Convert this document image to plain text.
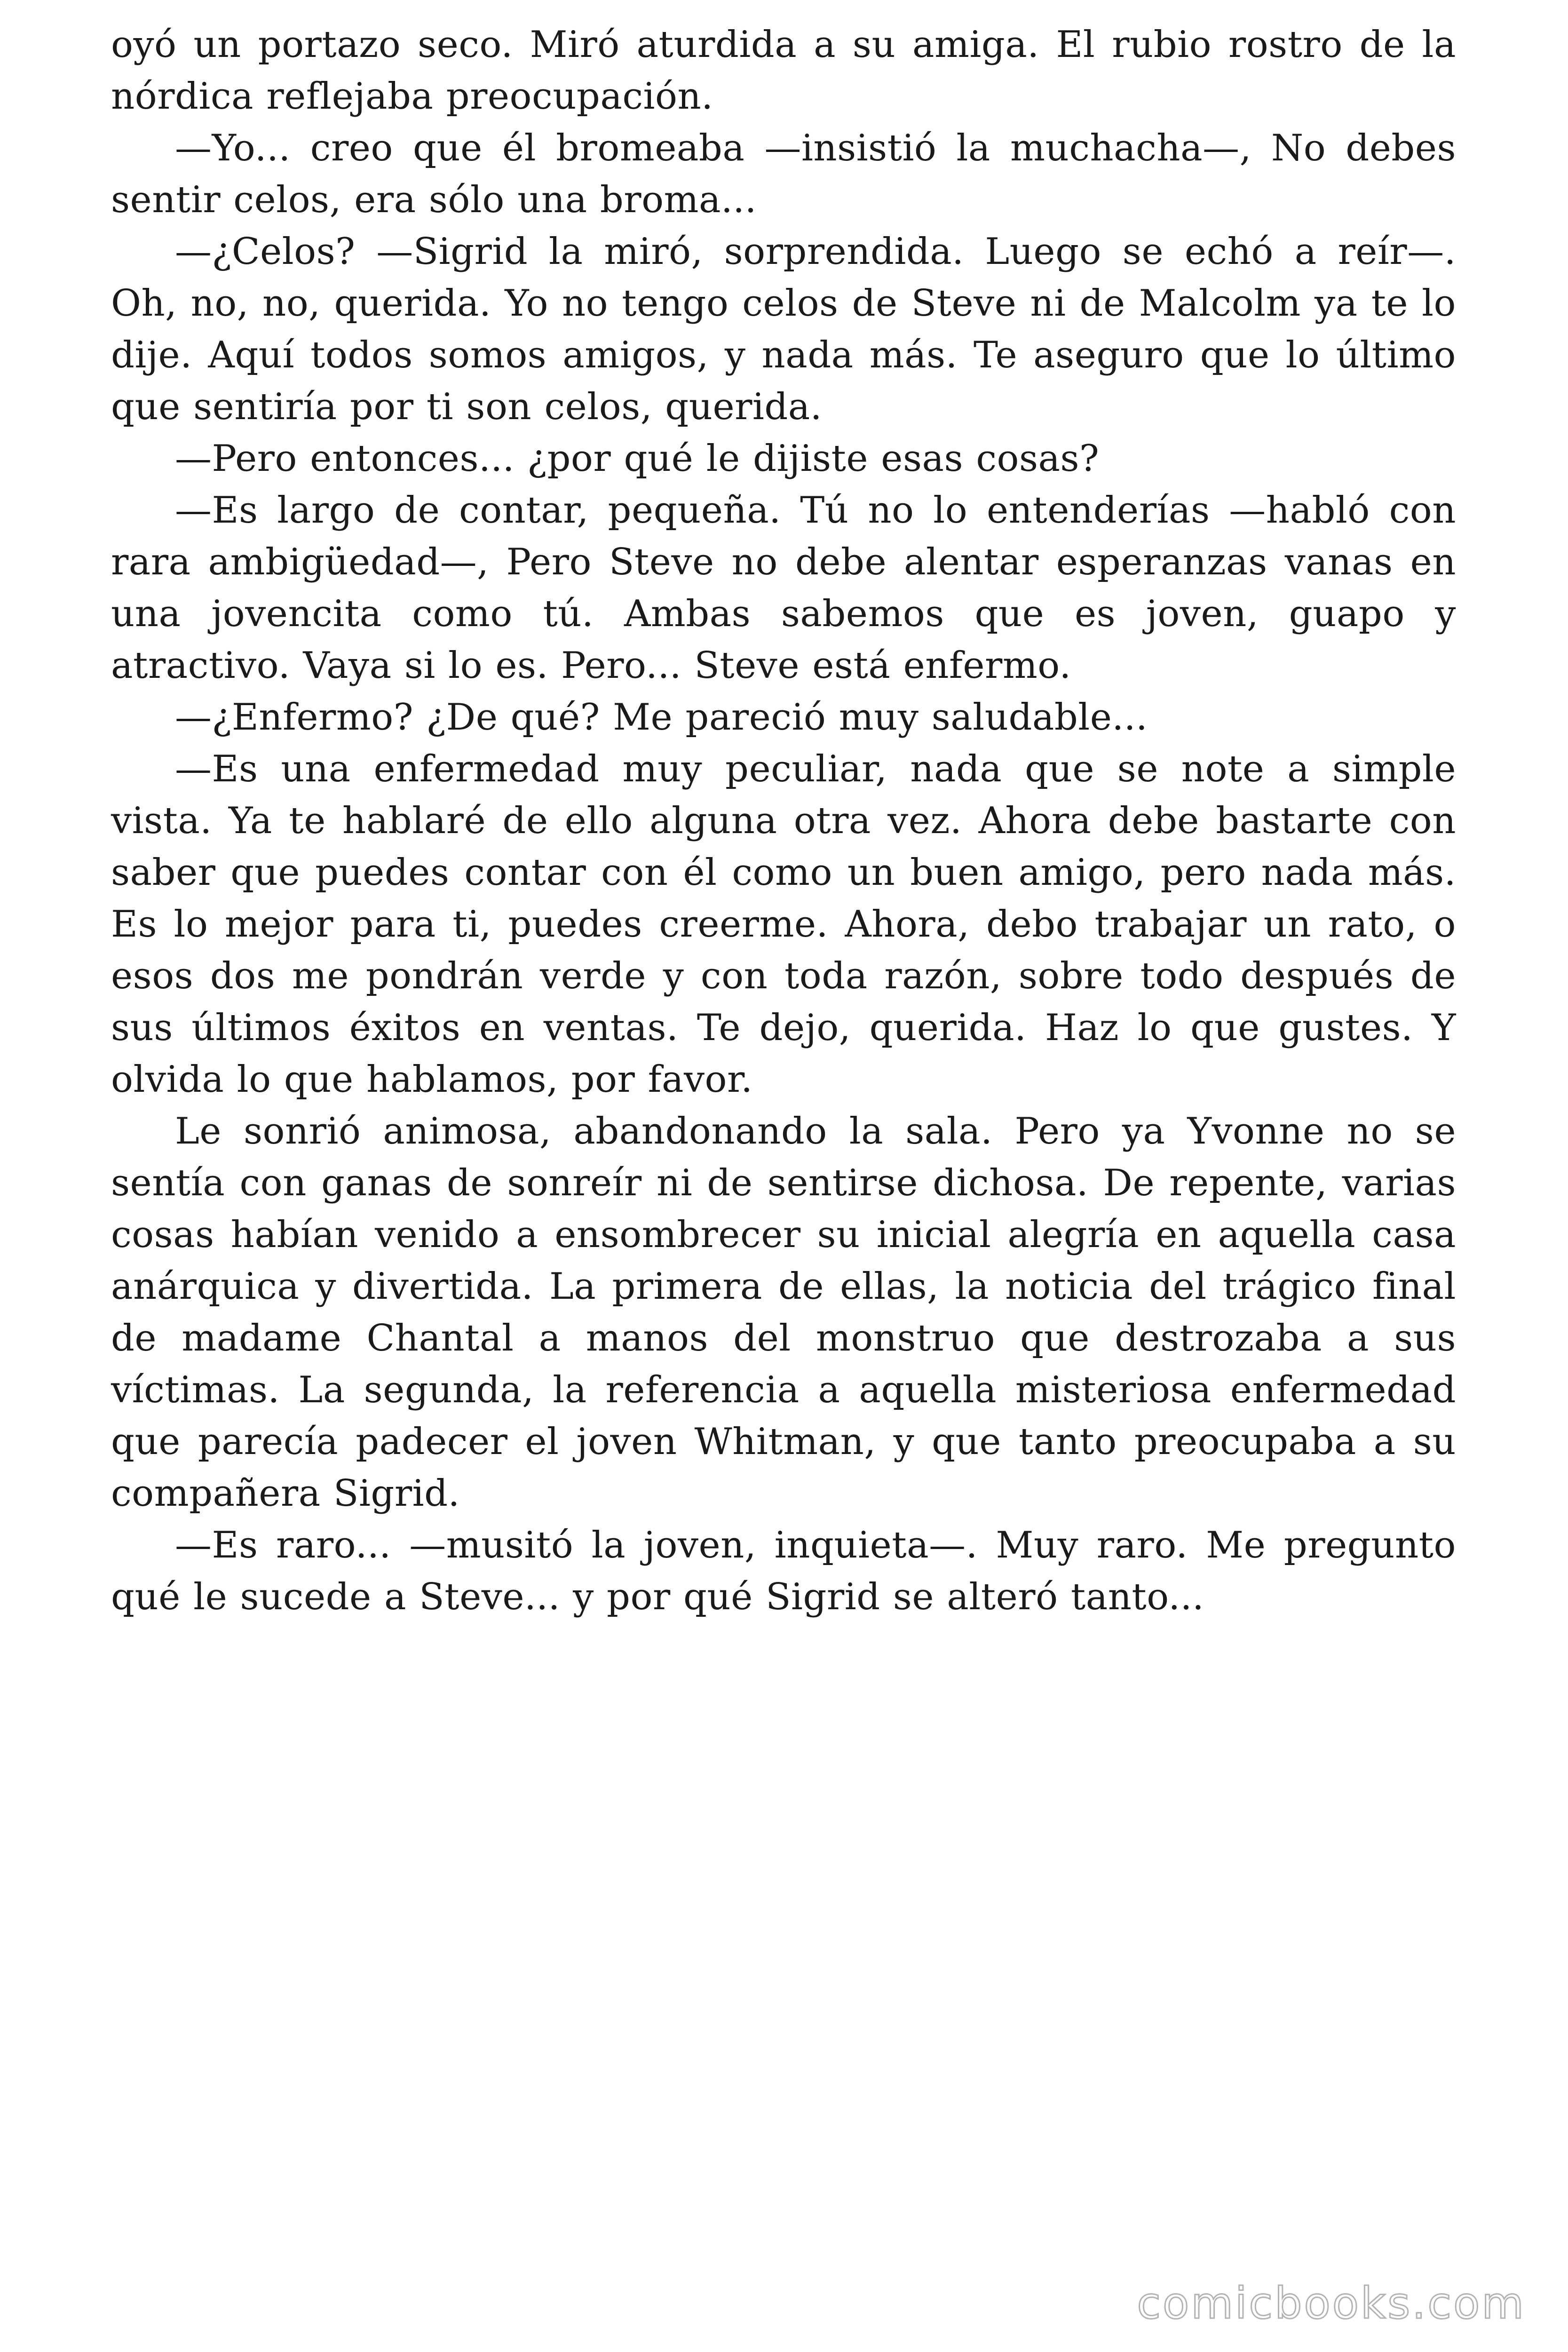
oyó un portazo seco. Miró aturdida a su amiga. El rubio rostro de la nórdica reflejaba preocupación.

—Yo... creo que él bromeaba —insistió la muchacha—, No debes sentir celos, era sólo una broma...

—¿Celos? —Sigrid la miró, sorprendida. Luego se echó a reír—. Oh, no, no, querida. Yo no tengo celos de Steve ni de Malcolm ya te lo dije. Aquí todos somos amigos, y nada más. Te aseguro que lo último que sentiría por ti son celos, querida.

—Pero entonces... ¿por qué le dijiste esas cosas?

—Es largo de contar, pequeña. Tú no lo entenderías —habló con rara ambigüedad—, Pero Steve no debe alentar esperanzas vanas en una jovencita como tú. Ambas sabemos que es joven, guapo y atractivo. Vaya si lo es. Pero... Steve está enfermo.

—¿Enfermo? ¿De qué? Me pareció muy saludable...

—Es una enfermedad muy peculiar, nada que se note a simple vista. Ya te hablaré de ello alguna otra vez. Ahora debe bastarte con saber que puedes contar con él como un buen amigo, pero nada más. Es lo mejor para ti, puedes creerme. Ahora, debo trabajar un rato, o esos dos me pondrán verde y con toda razón, sobre todo después de sus últimos éxitos en ventas. Te dejo, querida. Haz lo que gustes. Y olvida lo que hablamos, por favor.

Le sonrió animosa, abandonando la sala. Pero ya Yvonne no se sentía con ganas de sonreír ni de sentirse dichosa. De repente, varias cosas habían venido a ensombrecer su inicial alegría en aquella casa anárquica y divertida. La primera de ellas, la noticia del trágico final de madame Chantal a manos del monstruo que destrozaba a sus víctimas. La segunda, la referencia a aquella misteriosa enfermedad que parecía padecer el joven Whitman, y que tanto preocupaba a su compañera Sigrid.

—Es raro... —musitó la joven, inquieta—. Muy raro. Me pregunto qué le sucede a Steve... y por qué Sigrid se alteró tanto...

comicbooks.com
